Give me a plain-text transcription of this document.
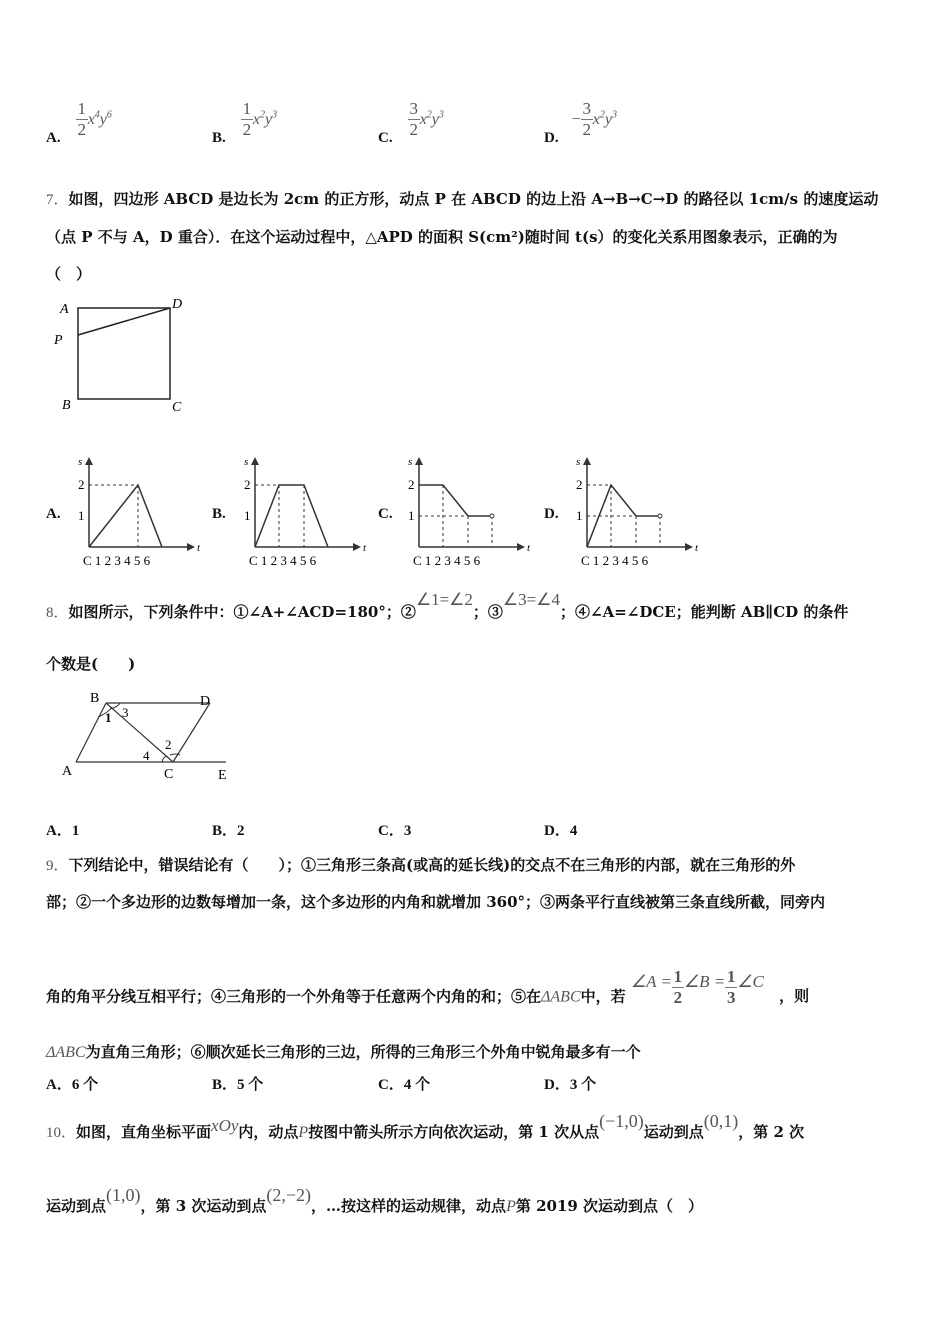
A. $\frac{1}{2} x^4y^6$
B. $\frac{1}{2} x^2y^3$
C. $\frac{3}{2} x^2y^3$
D. − $\frac{3}{2} x^2y^3$
7．如图，四边形 ABCD 是边长为 2cm 的正方形，动点 P 在 ABCD 的边上沿 A→B→C→D 的路径以 1cm/s 的速度运动
（点 P 不与 A，D 重合）．在这个运动过程中，△APD 的面积 S(cm²)随时间 t(s）的变化关系用图象表示，正确的为
（　）
A	D
P
B	C
A.
s
t
2
1
C 1 2 3 4 5 6
B.
s
t
2
1
C 1 2 3 4 5 6
C.
s
t
2
1
C 1 2 3 4 5 6
D.
s
t
2
1
C 1 2 3 4 5 6
8．如图所示，下列条件中：①∠A+∠ACD=180°；②∠1=∠2；③∠3=∠4；④∠A=∠DCE；能判断 AB∥CD 的条件
个数是(　　)
B	D
A	C	E
1 3
4
2
A．1	B．2	C．3	D．4
9．下列结论中，错误结论有（　　）；①三角形三条高(或高的延长线)的交点不在三角形的内部，就在三角形的外
部；②一个多边形的边数每增加一条，这个多边形的内角和就增加 360°；③两条平行直线被第三条直线所截，同旁内
角的角平分线互相平行；④三角形的一个外角等于任意两个内角的和；⑤在ΔABC中，若 ∠A = $\frac{1}{2}$ ∠B = $\frac{1}{3}$ ∠C ，则
ΔABC为直角三角形；⑥顺次延长三角形的三边，所得的三角形三个外角中锐角最多有一个
A．6 个	B．5 个	C．4 个	D．3 个
10．如图，直角坐标平面xOy内，动点P按图中箭头所示方向依次运动，第 1 次从点(−1,0)运动到点(0,1)，第 2 次
运动到点(1,0)，第 3 次运动到点(2,−2)，…按这样的运动规律，动点P第 2019 次运动到点（　）
